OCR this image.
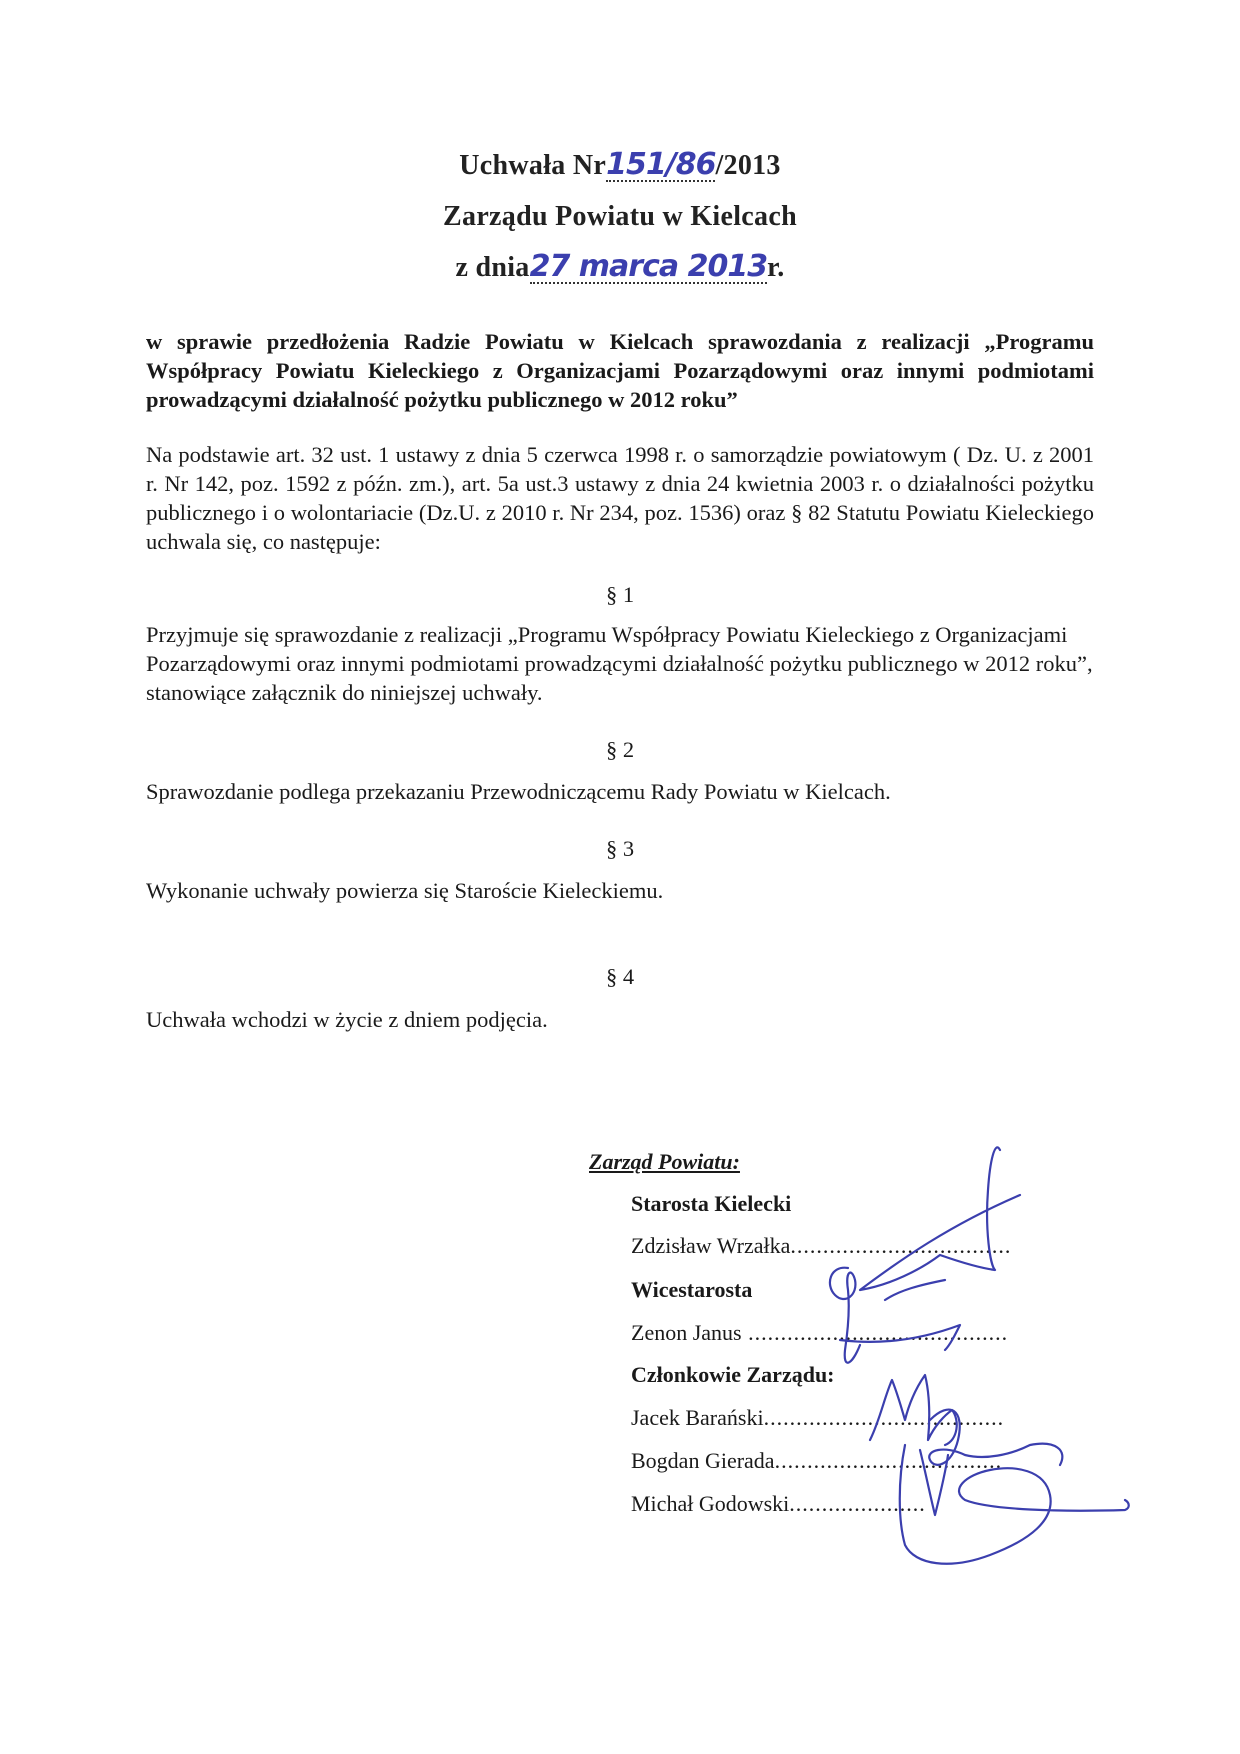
Uchwała Nr151/86/2013
Zarządu Powiatu w Kielcach
z dnia27 marca 2013r.
w sprawie przedłożenia Radzie Powiatu w Kielcach sprawozdania z realizacji „Programu Współpracy Powiatu Kieleckiego z Organizacjami Pozarządowymi oraz innymi podmiotami prowadzącymi działalność pożytku publicznego w 2012 roku”
Na podstawie art. 32 ust. 1 ustawy z dnia 5 czerwca 1998 r. o samorządzie powiatowym ( Dz. U. z 2001 r. Nr 142, poz. 1592 z późn. zm.), art. 5a ust.3 ustawy z dnia 24 kwietnia 2003 r. o działalności pożytku publicznego i o wolontariacie (Dz.U. z 2010 r. Nr 234, poz. 1536) oraz § 82 Statutu Powiatu Kieleckiego uchwala się, co następuje:
§ 1
Przyjmuje się sprawozdanie z realizacji „Programu Współpracy Powiatu Kieleckiego z Organizacjami Pozarządowymi oraz innymi podmiotami prowadzącymi działalność pożytku publicznego w 2012 roku”, stanowiące załącznik do niniejszej uchwały.
§ 2
Sprawozdanie podlega przekazaniu Przewodniczącemu Rady Powiatu w Kielcach.
§ 3
Wykonanie uchwały powierza się Staroście Kieleckiemu.
§ 4
Uchwała wchodzi w życie z dniem podjęcia.
Zarząd Powiatu:
Starosta Kielecki
Zdzisław Wrzałka..................................
Wicestarosta
Zenon Janus ........................................
Członkowie Zarządu:
Jacek Barański.....................................
Bogdan Gierada...................................
Michał Godowski.....................
